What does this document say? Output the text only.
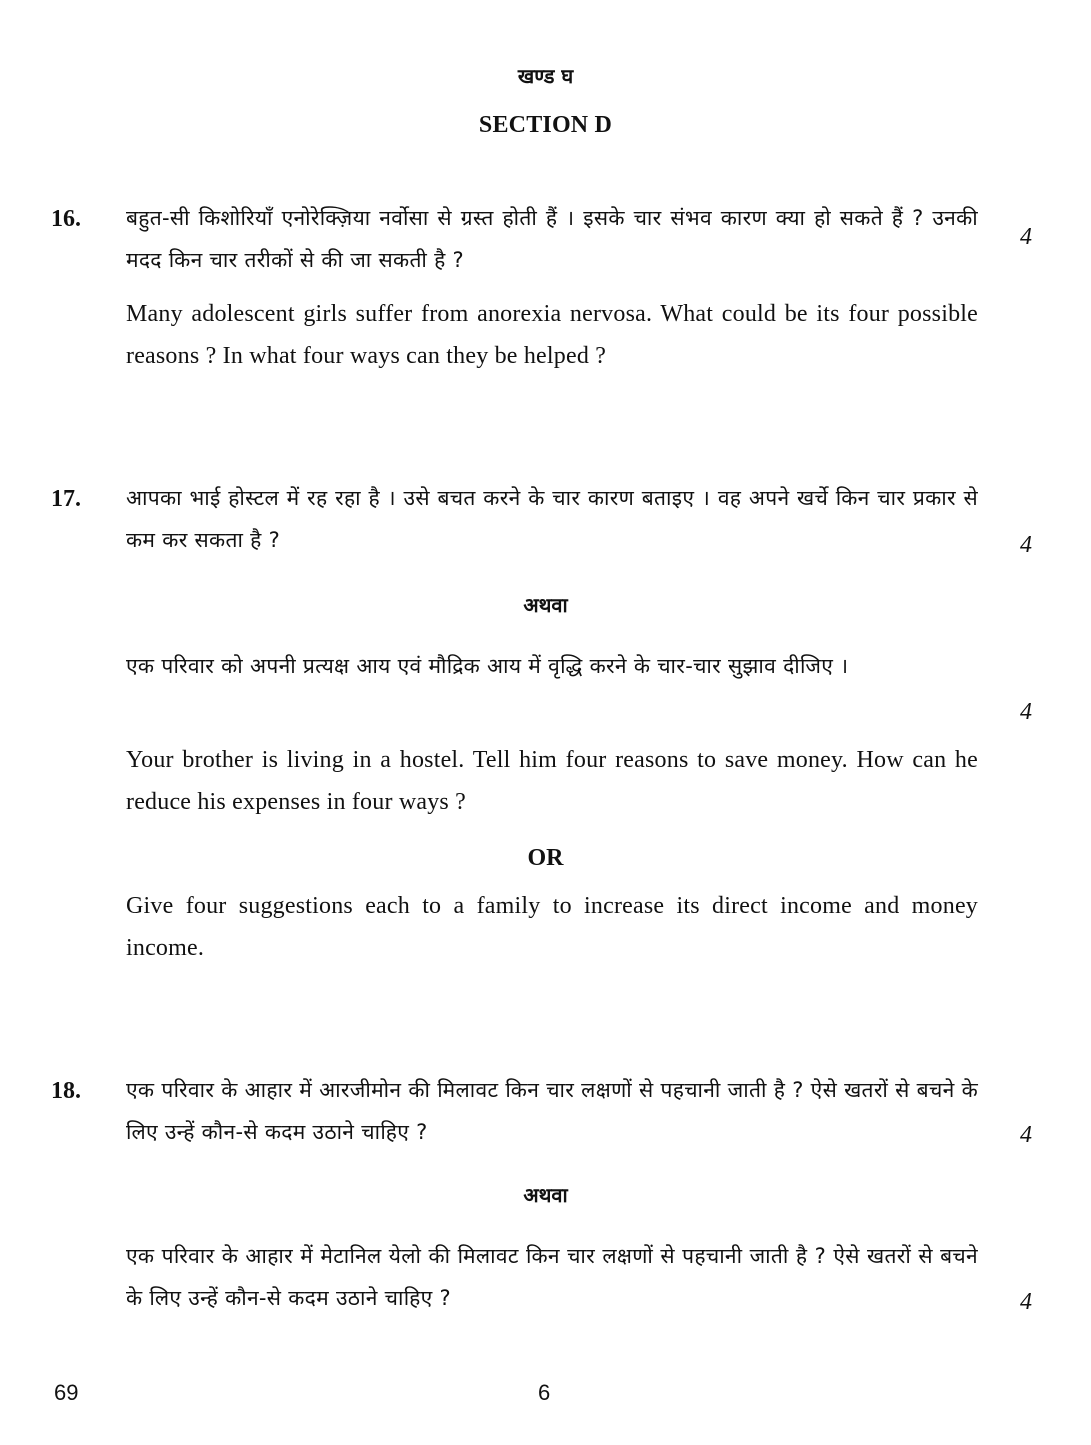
खण्ड घ
SECTION D
16. बहुत-सी किशोरियाँ एनोरेक्ज़िया नर्वोसा से ग्रस्त होती हैं । इसके चार संभव कारण क्या हो सकते हैं ? उनकी मदद किन चार तरीकों से की जा सकती है ?
4
Many adolescent girls suffer from anorexia nervosa. What could be its four possible reasons ? In what four ways can they be helped ?
17. आपका भाई होस्टल में रह रहा है । उसे बचत करने के चार कारण बताइए । वह अपने खर्चे किन चार प्रकार से कम कर सकता है ?	4
अथवा
एक परिवार को अपनी प्रत्यक्ष आय एवं मौद्रिक आय में वृद्धि करने के चार-चार सुझाव दीजिए ।
4
Your brother is living in a hostel. Tell him four reasons to save money. How can he reduce his expenses in four ways ?
OR
Give four suggestions each to a family to increase its direct income and money income.
18. एक परिवार के आहार में आरजीमोन की मिलावट किन चार लक्षणों से पहचानी जाती है ? ऐसे खतरों से बचने के लिए उन्हें कौन-से कदम उठाने चाहिए ?	4
अथवा
एक परिवार के आहार में मेटानिल येलो की मिलावट किन चार लक्षणों से पहचानी जाती है ? ऐसे खतरों से बचने के लिए उन्हें कौन-से कदम उठाने चाहिए ?	4
69	6
